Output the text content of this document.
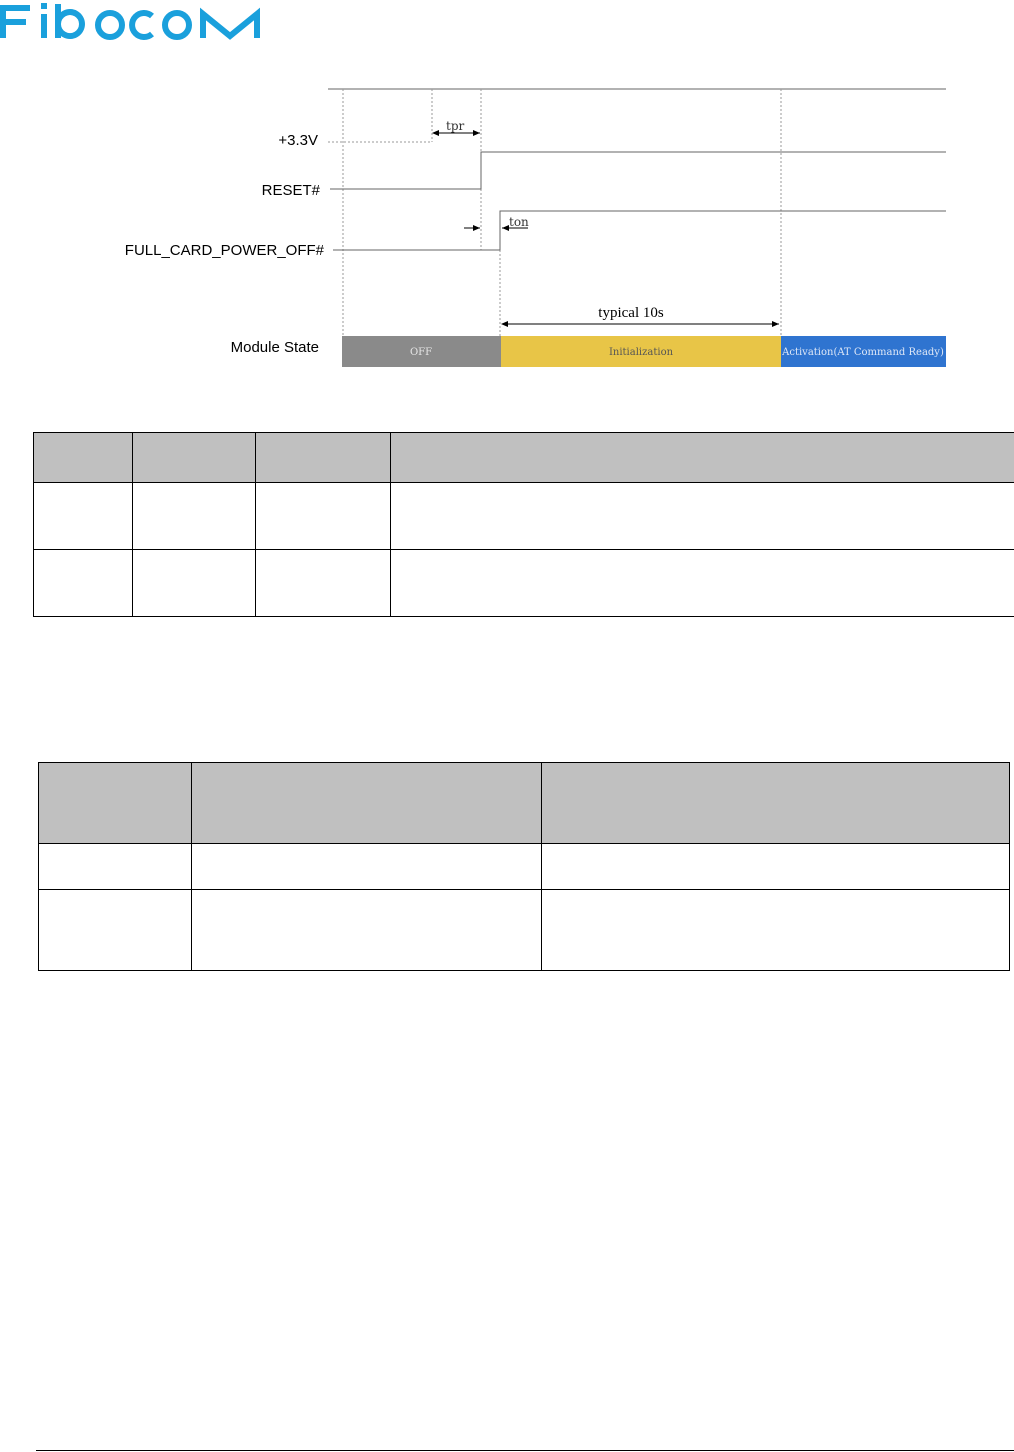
+3.3V
tpr
RESET#
FULL_CARD_POWER_OFF#
ton
typical 10s
Module State	OFF	Initialization	Activation(AT Command Ready)
